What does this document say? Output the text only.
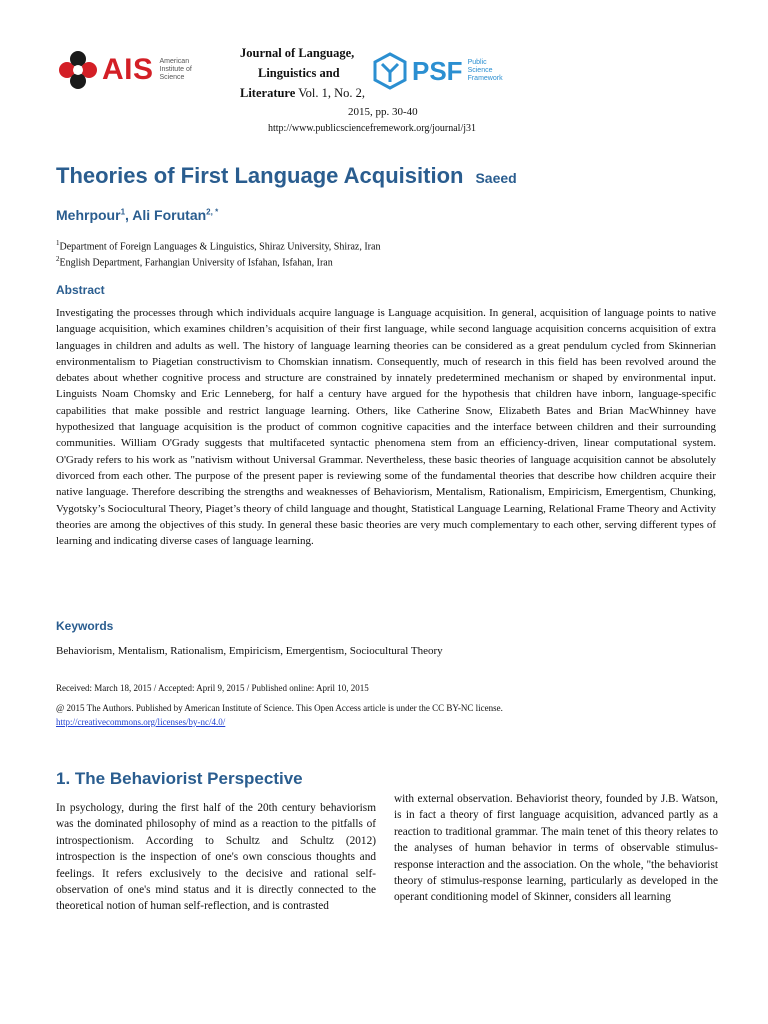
AIS American Institute of Science
Journal of Language,
Linguistics and
Literature Vol. 1, No. 2,
2015, pp. 30-40
http://www.publicsciencefremework.org/journal/j31
PSF Public Science Framework
Theories of First Language Acquisition Saeed
Mehrpour$^1$, Ali Forutan$^{2, *}$
$^1$Department of Foreign Languages & Linguistics, Shiraz University, Shiraz, Iran
$^2$English Department, Farhangian University of Isfahan, Isfahan, Iran
Abstract
Investigating the processes through which individuals acquire language is Language acquisition. In general, acquisition of language points to native language acquisition, which examines children’s acquisition of their first language, while second language acquisition concerns acquisition of extra languages in children and adults as well. The history of language learning theories can be considered as a great pendulum cycled from Skinnerian environmentalism to Piagetian constructivism to Chomskian innatism. Consequently, much of research in this field has been revolved around the debates about whether cognitive process and structure are constrained by innately predetermined mechanism or shaped by environmental input. Linguists Noam Chomsky and Eric Lenneberg, for half a century have argued for the hypothesis that children have inborn, language-specific capabilities that make possible and restrict language learning. Others, like Catherine Snow, Elizabeth Bates and Brian MacWhinney have hypothesized that language acquisition is the product of common cognitive capacities and the interface between children and their surrounding communities. William O'Grady suggests that multifaceted syntactic phenomena stem from an efficiency-driven, linear computational system. O'Grady refers to his work as "nativism without Universal Grammar. Nevertheless, these basic theories of language acquisition cannot be absolutely divorced from each other. The purpose of the present paper is reviewing some of the fundamental theories that describe how children acquire their native language. Therefore describing the strengths and weaknesses of Behaviorism, Mentalism, Rationalism, Empiricism, Emergentism, Chunking, Vygotsky’s Sociocultural Theory, Piaget’s theory of child language and thought, Statistical Language Learning, Relational Frame Theory and Activity theories are among the objectives of this study. In general these basic theories are very much complementary to each other, serving different types of learning and indicating diverse cases of language learning.
Keywords
Behaviorism, Mentalism, Rationalism, Empiricism, Emergentism, Sociocultural Theory
Received: March 18, 2015 / Accepted: April 9, 2015 / Published online: April 10, 2015
@ 2015 The Authors. Published by American Institute of Science. This Open Access article is under the CC BY-NC license.
http://creativecommons.org/licenses/by-nc/4.0/
1. The Behaviorist Perspective
In psychology, during the first half of the 20th century behaviorism was the dominated philosophy of mind as a reaction to the pitfalls of introspectionism. According to Schultz and Schultz (2012) introspection is the inspection of one's own conscious thoughts and feelings. It refers exclusively to the decisive and rational self-observation of one's mind status and it is directly connected to the theoretical notion of human self-reflection, and is contrasted
with external observation. Behaviorist theory, founded by J.B. Watson, is in fact a theory of first language acquisition, advanced partly as a reaction to traditional grammar. The main tenet of this theory relates to the analyses of human behavior in terms of observable stimulus-response interaction and the association. On the whole, "the behaviorist theory of stimulus-response learning, particularly as developed in the operant conditioning model of Skinner, considers all learning
